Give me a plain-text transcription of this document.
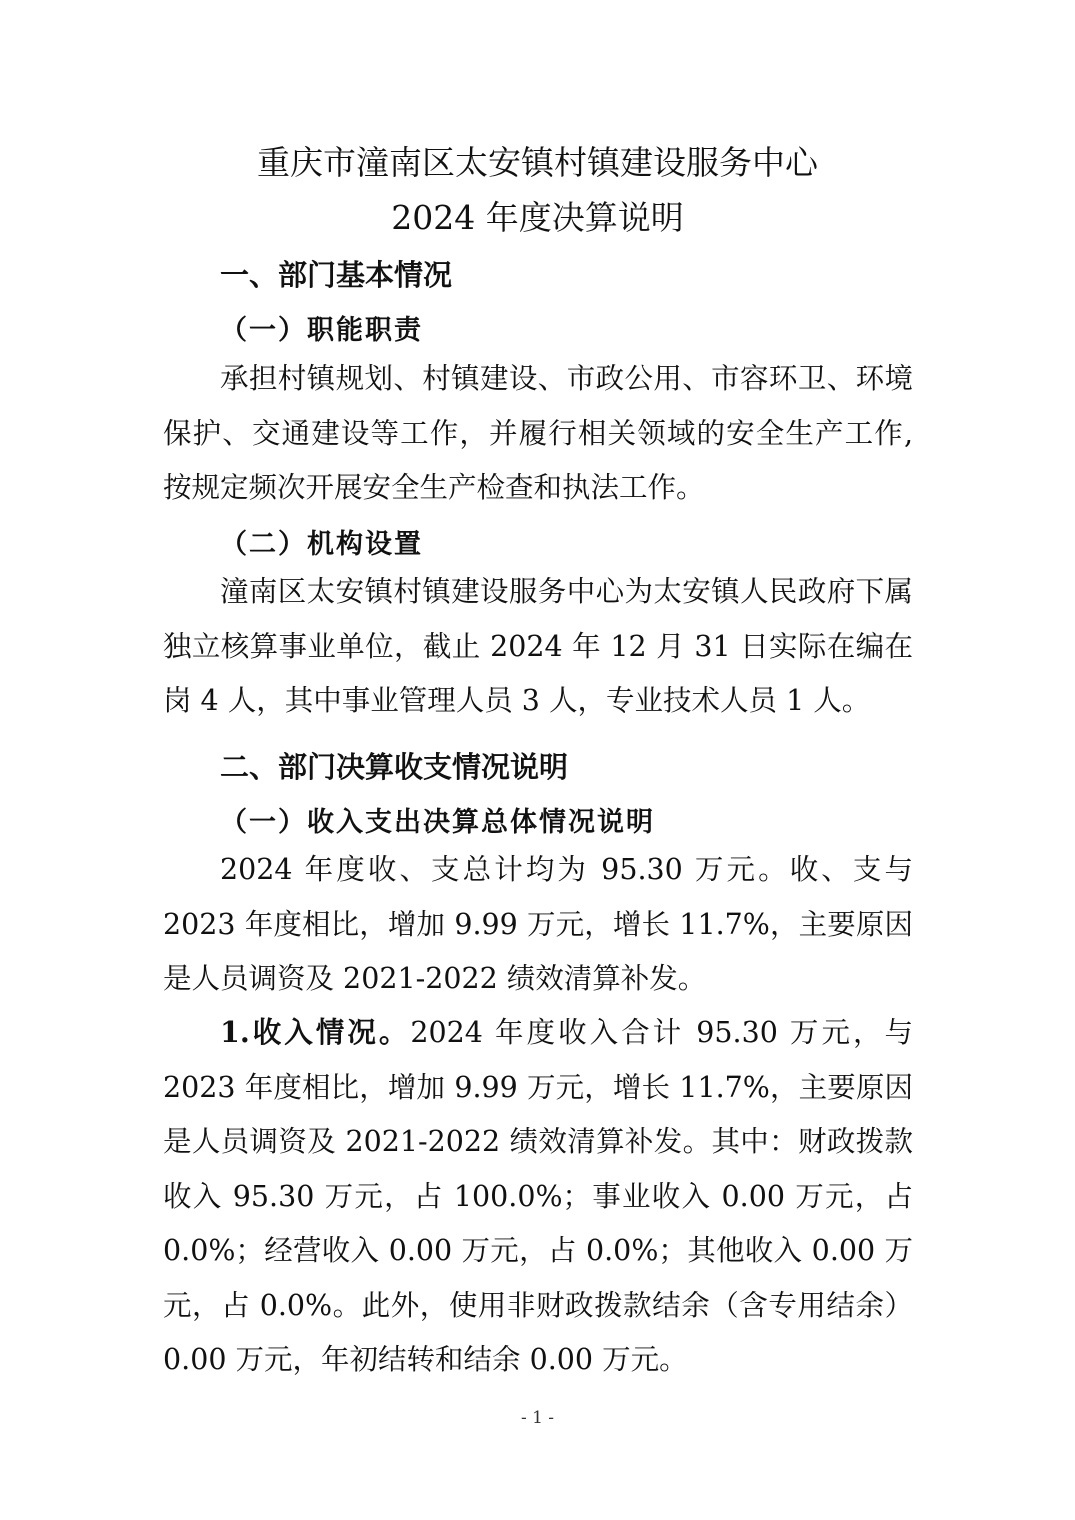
重庆市潼南区太安镇村镇建设服务中心
2024 年度决算说明
一、部门基本情况
（一）职能职责

承担村镇规划、村镇建设、市政公用、市容环卫、环境保护、交通建设等工作，并履行相关领域的安全生产工作,按规定频次开展安全生产检查和执法工作。

（二）机构设置

潼南区太安镇村镇建设服务中心为太安镇人民政府下属独立核算事业单位，截止 2024 年 12 月 31 日实际在编在岗 4 人，其中事业管理人员 3 人，专业技术人员 1 人。

二、部门决算收支情况说明
（一）收入支出决算总体情况说明

2024 年度收、支总计均为 95.30 万元。收、支与 2023 年度相比，增加 9.99 万元，增长 11.7%，主要原因是人员调资及 2021-2022 绩效清算补发。

1.收入情况。2024 年度收入合计 95.30 万元，与 2023 年度相比，增加 9.99 万元，增长 11.7%，主要原因是人员调资及 2021-2022 绩效清算补发。其中：财政拨款收入 95.30 万元，占 100.0%；事业收入 0.00 万元，占 0.0%；经营收入 0.00 万元，占 0.0%；其他收入 0.00 万元，占 0.0%。此外，使用非财政拨款结余（含专用结余）0.00 万元，年初结转和结余 0.00 万元。

- 1 -
